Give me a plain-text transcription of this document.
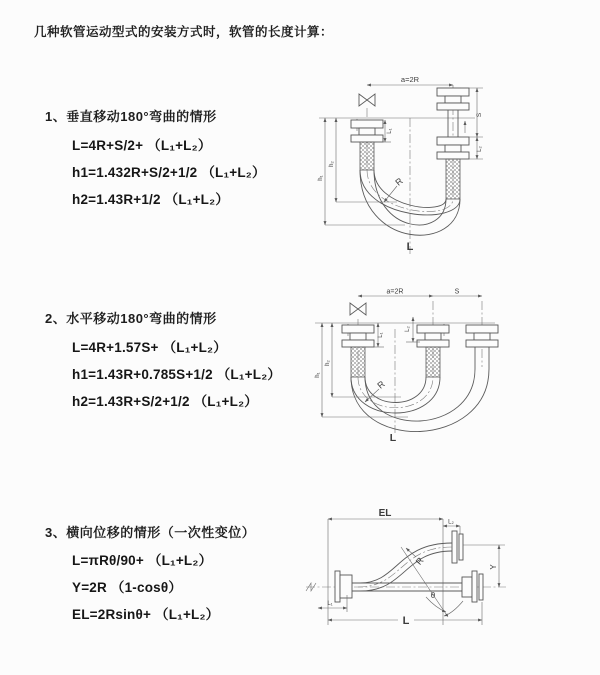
几种软管运动型式的安装方式时，软管的长度计算：
1、垂直移动180°弯曲的情形
L=4R+S/2+ （L₁+L₂）
h1=1.432R+S/2+1/2 （L₁+L₂）
h2=1.43R+1/2 （L₁+L₂）
2、水平移动180°弯曲的情形
L=4R+1.57S+ （L₁+L₂）
h1=1.43R+0.785S+1/2 （L₁+L₂）
h2=1.43R+S/2+1/2 （L₁+L₂）
3、横向位移的情形（一次性变位）
L=πRθ/90+ （L₁+L₂）
Y=2R （1-cosθ）
EL=2Rsinθ+ （L₁+L₂）
a=2R
L₁
S
L₂
R
L
h₁
h₂
a=2R	S
L₁
L₂
R
L
h₁
h₂
EL
L₂
Y
R
θ
L₁
L
